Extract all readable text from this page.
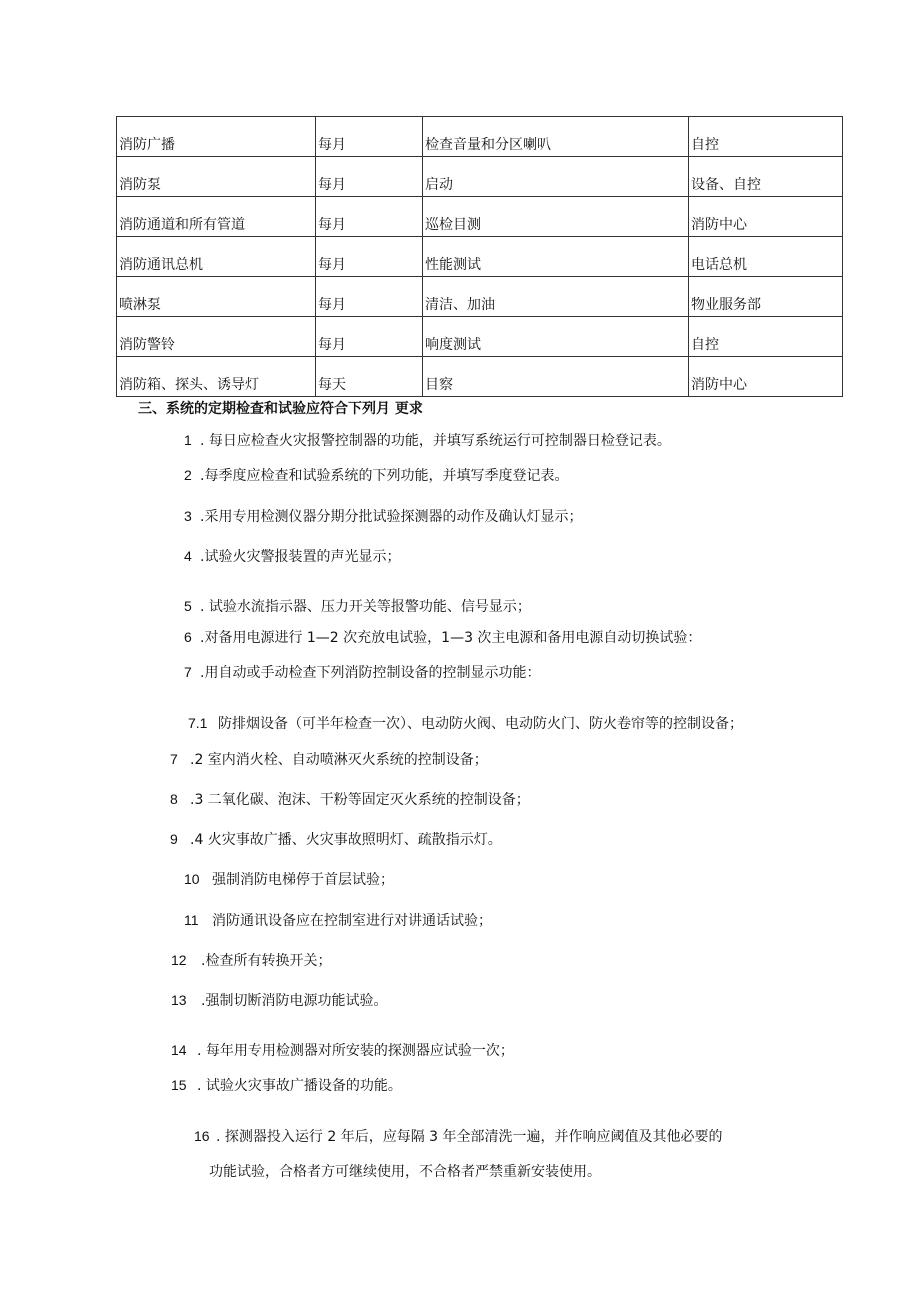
消防广播	每月	检查音量和分区喇叭	自控
消防泵	每月	启动	设备、自控
消防通道和所有管道	每月	巡检目测	消防中心
消防通讯总机	每月	性能测试	电话总机
喷淋泵	每月	清洁、加油	物业服务部
消防警铃	每月	响度测试	自控
消防箱、探头、诱导灯	每天	目察	消防中心
三、系统的定期检查和试验应符合下列月 更求
1 . 每日应检查火灾报警控制器的功能，并填写系统运行可控制器日检登记表。
2 .每季度应检查和试验系统的下列功能，并填写季度登记表。
3 .采用专用检测仪器分期分批试验探测器的动作及确认灯显示；
4 .试验火灾警报装置的声光显示；
5 . 试验水流指示器、压力开关等报警功能、信号显示；
6 .对备用电源进行 1—2 次充放电试验，1—3 次主电源和备用电源自动切换试验：
7 .用自动或手动检查下列消防控制设备的控制显示功能：
7.1 防排烟设备（可半年检查一次）、电动防火阀、电动防火门、防火卷帘等的控制设备；
7 .2 室内消火栓、自动喷淋灭火系统的控制设备；
8 .3 二氧化碳、泡沫、干粉等固定灭火系统的控制设备；
9 .4 火灾事故广播、火灾事故照明灯、疏散指示灯。
10 强制消防电梯停于首层试验；
11 消防通讯设备应在控制室进行对讲通话试验；
12 .检查所有转换开关；
13 .强制切断消防电源功能试验。
14 . 每年用专用检测器对所安装的探测器应试验一次；
15 . 试验火灾事故广播设备的功能。
16 . 探测器投入运行 2 年后，应每隔 3 年全部清洗一遍，并作响应阈值及其他必要的
功能试验，合格者方可继续使用，不合格者严禁重新安装使用。
